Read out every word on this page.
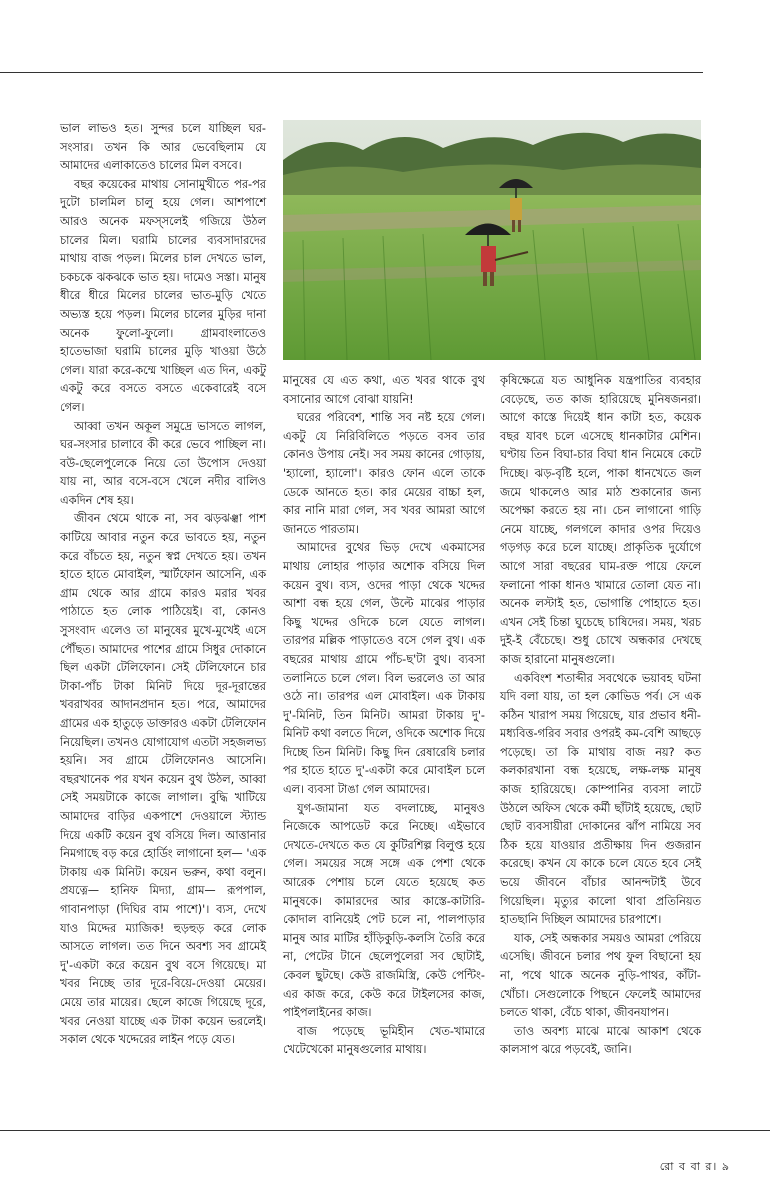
ভাল লাভও হত। সুন্দর চলে যাচ্ছিল ঘর-সংসার। তখন কি আর ভেবেছিলাম যে আমাদের এলাকাতেও চালের মিল বসবে।

বছর কয়েকের মাথায় সোনামুখীতে পর-পর দুটো চালমিল চালু হয়ে গেল। আশপাশে আরও অনেক মফস্সলেই গজিয়ে উঠল চালের মিল। ঘরামি চালের ব্যবসাদারদের মাথায় বাজ পড়ল। মিলের চাল দেখতে ভাল, চকচকে ঝকঝকে ভাত হয়। দামেও সস্তা। মানুষ ধীরে ধীরে মিলের চালের ভাত-মুড়ি খেতে অভ্যস্ত হয়ে পড়ল। মিলের চালের মুড়ির দানা অনেক ফুলো-ফুলো। গ্রামবাংলাতেও হাতেভাজা ঘরামি চালের মুড়ি খাওয়া উঠে গেল। যারা করে-কম্মে খাচ্ছিল এত দিন, একটু একটু করে বসতে বসতে একেবারেই বসে গেল।

আব্বা তখন অকূল সমুদ্রে ভাসতে লাগল, ঘর-সংসার চালাবে কী করে ভেবে পাচ্ছিল না। বউ-ছেলেপুলেকে নিয়ে তো উপোস দেওয়া যায় না, আর বসে-বসে খেলে নদীর বালিও একদিন শেষ হয়।

জীবন থেমে থাকে না, সব ঝড়ঝঞ্ঝা পাশ কাটিয়ে আবার নতুন করে ভাবতে হয়, নতুন করে বাঁচতে হয়, নতুন স্বপ্ন দেখতে হয়। তখন হাতে হাতে মোবাইল, স্মার্টফোন আসেনি, এক গ্রাম থেকে আর গ্রামে কারও মরার খবর পাঠাতে হত লোক পাঠিয়েই। বা, কোনও সুসংবাদ এলেও তা মানুষের মুখে-মুখেই এসে পৌঁছত। আমাদের পাশের গ্রামে সিধুর দোকানে ছিল একটা টেলিফোন। সেই টেলিফোনে চার টাকা-পাঁচ টাকা মিনিট দিয়ে দূর-দূরান্তের খবরাখবর আদানপ্রদান হত। পরে, আমাদের গ্রামের এক হাতুড়ে ডাক্তারও একটা টেলিফোন নিয়েছিল। তখনও যোগাযোগ এতটা সহজলভ্য হয়নি। সব গ্রামে টেলিফোনও আসেনি। বছরখানেক পর যখন কয়েন বুথ উঠল, আব্বা সেই সময়টাকে কাজে লাগাল। বুদ্ধি খাটিয়ে আমাদের বাড়ির একপাশে দেওয়ালে স্ট্যান্ড দিয়ে একটি কয়েন বুথ বসিয়ে দিল। আত্তানার নিমগাছে বড় করে হোর্ডিং লাগানো হল— 'এক টাকায় এক মিনিট। কয়েন ভরুন, কথা বলুন। প্রযত্নে— হানিফ মিদ্যা, গ্রাম— রূপপাল, গাবানপাড়া (দিঘির বাম পাশে)'। ব্যস, দেখে যাও মিদ্দের ম্যাজিক! হুড়হুড় করে লোক আসতে লাগল। তত দিনে অবশ্য সব গ্রামেই দু'-একটা করে কয়েন বুথ বসে গিয়েছে। মা খবর নিচ্ছে তার দূরে-বিয়ে-দেওয়া মেয়ের। মেয়ে তার মায়ের। ছেলে কাজে গিয়েছে দূরে, খবর নেওয়া যাচ্ছে এক টাকা কয়েন ভরলেই। সকাল থেকে খদ্দেরের লাইন পড়ে যেত।

মানুষের যে এত কথা, এত খবর থাকে বুথ বসানোর আগে বোঝা যায়নি!

ঘরের পরিবেশ, শান্তি সব নষ্ট হয়ে গেল। একটু যে নিরিবিলিতে পড়তে বসব তার কোনও উপায় নেই। সব সময় কানের গোড়ায়, 'হ্যালো, হ্যালো'। কারও ফোন এলে তাকে ডেকে আনতে হত। কার মেয়ের বাচ্চা হল, কার নানি মারা গেল, সব খবর আমরা আগে জানতে পারতাম।

আমাদের বুথের ভিড় দেখে একমাসের মাথায় লোহার পাড়ার অশোক বসিয়ে দিল কয়েন বুথ। ব্যস, ওদের পাড়া থেকে খদ্দের আশা বন্ধ হয়ে গেল, উল্টে মাঝের পাড়ার কিছু খদ্দের ওদিকে চলে যেতে লাগল। তারপর মল্লিক পাড়াতেও বসে গেল বুথ। এক বছরের মাথায় গ্রামে পাঁচ-ছ'টা বুথ। ব্যবসা তলানিতে চলে গেল। বিল ভরলেও তা আর ওঠে না। তারপর এল মোবাইল। এক টাকায় দু'-মিনিট, তিন মিনিট। আমরা টাকায় দু'-মিনিট কথা বলতে দিলে, ওদিকে অশোক দিয়ে দিচ্ছে তিন মিনিট। কিছু দিন রেষারেষি চলার পর হাতে হাতে দু'-একটা করে মোবাইল চলে এল। ব্যবসা টাঙা গেল আমাদের।

যুগ-জামানা যত বদলাচ্ছে, মানুষও নিজেকে আপডেট করে নিচ্ছে। এইভাবে দেখতে-দেখতে কত যে কুটিরশিল্প বিলুপ্ত হয়ে গেল। সময়ের সঙ্গে সঙ্গে এক পেশা থেকে আরেক পেশায় চলে যেতে হয়েছে কত মানুষকে। কামারদের আর কাস্তে-কাটারি-কোদাল বানিয়েই পেট চলে না, পালপাড়ার মানুষ আর মাটির হাঁড়িকুড়ি-কলসি তৈরি করে না, পেটের টানে ছেলেপুলেরা সব ছোটাই, কেবল ছুটছে। কেউ রাজমিস্ত্রি, কেউ পেন্টিং-এর কাজ করে, কেউ করে টাইলসের কাজ, পাইপলাইনের কাজ।

বাজ পড়েছে ভূমিহীন খেত-খামারে খেটেখেকো মানুষগুলোর মাথায়।

কৃষিক্ষেত্রে যত আধুনিক যন্ত্রপাতির ব্যবহার বেড়েছে, তত কাজ হারিয়েছে মুনিষজনরা। আগে কাস্তে দিয়েই ধান কাটা হত, কয়েক বছর যাবৎ চলে এসেছে ধানকাটার মেশিন। ঘণ্টায় তিন বিঘা-চার বিঘা ধান নিমেষে কেটে দিচ্ছে। ঝড়-বৃষ্টি হলে, পাকা ধানখেতে জল জমে থাকলেও আর মাঠ শুকানোর জন্য অপেক্ষা করতে হয় না। চেন লাগানো গাড়ি নেমে যাচ্ছে, গলগলে কাদার ওপর দিয়েও গড়গড় করে চলে যাচ্ছে। প্রাকৃতিক দুর্যোগে আগে সারা বছরের ঘাম-রক্ত পায়ে ফেলে ফলানো পাকা ধানও খামারে তোলা যেত না। অনেক লস্টাই হত, ভোগান্তি পোহাতে হত। এখন সেই চিন্তা ঘুচেছে চাষিদের। সময়, খরচ দুই-ই বেঁচেছে। শুধু চোখে অন্ধকার দেখছে কাজ হারানো মানুষগুলো।

একবিংশ শতাব্দীর সবথেকে ভয়াবহ ঘটনা যদি বলা যায়, তা হল কোভিড পর্ব। সে এক কঠিন খারাপ সময় গিয়েছে, যার প্রভাব ধনী-মধ্যবিত্ত-গরিব সবার ওপরই কম-বেশি আছড়ে পড়েছে। তা কি মাথায় বাজ নয়? কত কলকারখানা বন্ধ হয়েছে, লক্ষ-লক্ষ মানুষ কাজ হারিয়েছে। কোম্পানির ব্যবসা লাটে উঠলে অফিস থেকে কর্মী ছাঁটাই হয়েছে, ছোট ছোট ব্যবসায়ীরা দোকানের ঝাঁপ নামিয়ে সব ঠিক হয়ে যাওয়ার প্রতীক্ষায় দিন গুজরান করেছে। কখন যে কাকে চলে যেতে হবে সেই ভয়ে জীবনে বাঁচার আনন্দটাই উবে গিয়েছিল। মৃত্যুর কালো থাবা প্রতিনিয়ত হাতছানি দিচ্ছিল আমাদের চারপাশে।

যাক, সেই অন্ধকার সময়ও আমরা পেরিয়ে এসেছি। জীবনে চলার পথ ফুল বিছানো হয় না, পথে থাকে অনেক নুড়ি-পাথর, কাঁটা-খোঁচা। সেগুলোকে পিছনে ফেলেই আমাদের চলতে থাকা, বেঁচে থাকা, জীবনযাপন।

তাও অবশ্য মাঝে মাঝে আকাশ থেকে কালসাপ ঝরে পড়বেই, জানি।

রো ব বা র। ৯
